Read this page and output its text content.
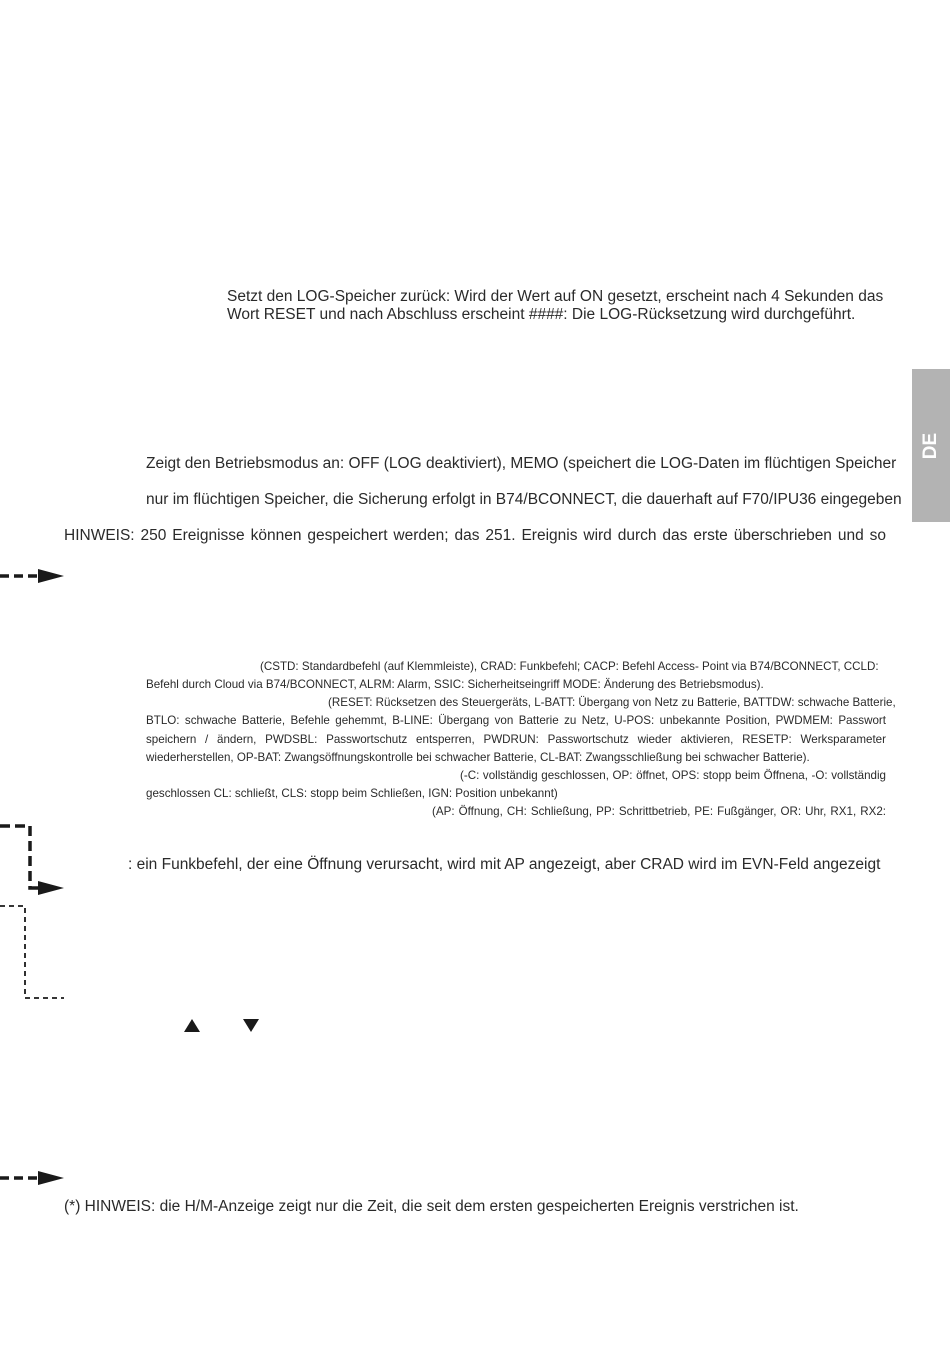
DE
Setzt den LOG-Speicher zurück: Wird der Wert auf ON gesetzt, erscheint nach 4 Sekunden das
Wort RESET und nach Abschluss erscheint ####: Die LOG-Rücksetzung wird durchgeführt.
Zeigt den Betriebsmodus an: OFF (LOG deaktiviert), MEMO (speichert die LOG-Daten im flüchtigen Speicher
nur im flüchtigen Speicher, die Sicherung erfolgt in B74/BCONNECT, die dauerhaft auf F70/IPU36 eingegeben
HINWEIS: 250 Ereignisse können gespeichert werden; das 251. Ereignis wird durch das erste überschrieben und so
(CSTD: Standardbefehl (auf Klemmleiste), CRAD: Funkbefehl; CACP: Befehl Access- Point via B74/BCONNECT, CCLD:
Befehl durch Cloud via B74/BCONNECT, ALRM: Alarm, SSIC: Sicherheitseingriff MODE: Änderung des Betriebsmodus).
(RESET: Rücksetzen des Steuergeräts, L-BATT: Übergang von Netz zu Batterie, BATTDW: schwache Batterie,
BTLO: schwache Batterie, Befehle gehemmt, B-LINE: Übergang von Batterie zu Netz, U-POS: unbekannte Position, PWDMEM: Passwort
speichern / ändern, PWDSBL: Passwortschutz entsperren, PWDRUN: Passwortschutz wieder aktivieren, RESETP: Werksparameter
wiederherstellen, OP-BAT: Zwangsöffnungskontrolle bei schwacher Batterie, CL-BAT: Zwangsschließung bei schwacher Batterie).
(-C: vollständig geschlossen, OP: öffnet, OPS: stopp beim Öffnena, -O: vollständig
geschlossen CL: schließt, CLS: stopp beim Schließen, IGN: Position unbekannt)
(AP: Öffnung, CH: Schließung, PP: Schrittbetrieb, PE: Fußgänger, OR: Uhr, RX1, RX2:
: ein Funkbefehl, der eine Öffnung verursacht, wird mit AP angezeigt, aber CRAD wird im EVN-Feld angezeigt
(*) HINWEIS: die H/M-Anzeige zeigt nur die Zeit, die seit dem ersten gespeicherten Ereignis verstrichen ist.
